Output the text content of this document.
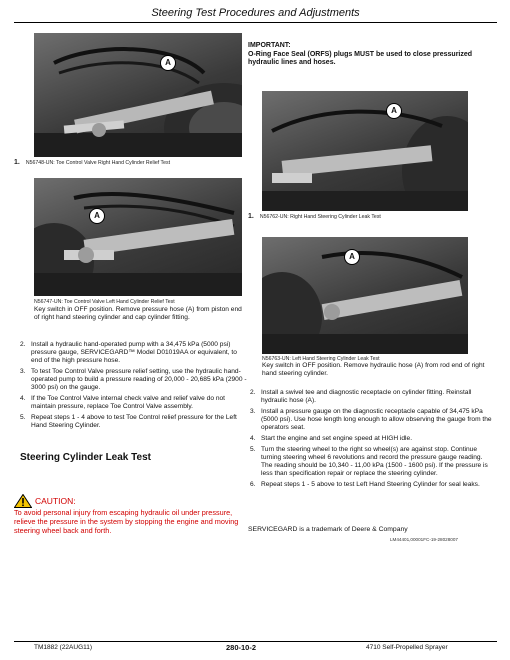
Steering Test Procedures and Adjustments
A
1. N56748-UN: Toe Control Valve Right Hand Cylinder Relief Test
A
N56747-UN: Toe Control Valve Left Hand Cylinder Relief Test
Key switch in OFF position. Remove pressure hose (A) from piston end of right hand steering cylinder and cap cylinder fitting.
2. Install a hydraulic hand-operated pump with a 34,475 kPa (5000 psi) pressure gauge, SERVICEGARD™ Model D01019AA or equivalent, to end of the high pressure hose.
3. To test Toe Control Valve pressure relief setting, use the hydraulic hand-operated pump to build a pressure reading of 20,000 - 20,685 kPa (2900 - 3000 psi) on the gauge.
4. If the Toe Control Valve internal check valve and relief valve do not maintain pressure, replace Toe Control Valve assembly.
5. Repeat steps 1 - 4 above to test Toe Control relief pressure for the Left Hand Steering Cylinder.
Steering Cylinder Leak Test
CAUTION:
To avoid personal injury from escaping hydraulic oil under pressure, relieve the pressure in the system by stopping the engine and moving steering wheel back and forth.
IMPORTANT:
O-Ring Face Seal (ORFS) plugs MUST be used to close pressurized hydraulic lines and hoses.
A
1. N56762-UN: Right Hand Steering Cylinder Leak Test
A
N56763-UN: Left Hand Steering Cylinder Leak Test
Key switch in OFF position. Remove hydraulic hose (A) from rod end of right hand steering cylinder.
2. Install a swivel tee and diagnostic receptacle on cylinder fitting. Reinstall hydraulic hose (A).
3. Install a pressure gauge on the diagnostic receptacle capable of 34,475 kPa (5000 psi). Use hose length long enough to allow observing the gauge from the operators seat.
4. Start the engine and set engine speed at HIGH idle.
5. Turn the steering wheel to the right so wheel(s) are against stop. Continue turning steering wheel 6 revolutions and record the pressure gauge reading. The reading should be 10,340 - 11,00 kPa (1500 - 1600 psi). If the pressure is less than specification repair or replace the steering cylinder.
6. Repeat steps 1 - 5 above to test Left Hand Steering Cylinder for seal leaks.
SERVICEGARD is a trademark of Deere & Company
LM44401,00001FC-19-28028007
TM1882 (22AUG11)	280-10-2	4710 Self-Propelled Sprayer
